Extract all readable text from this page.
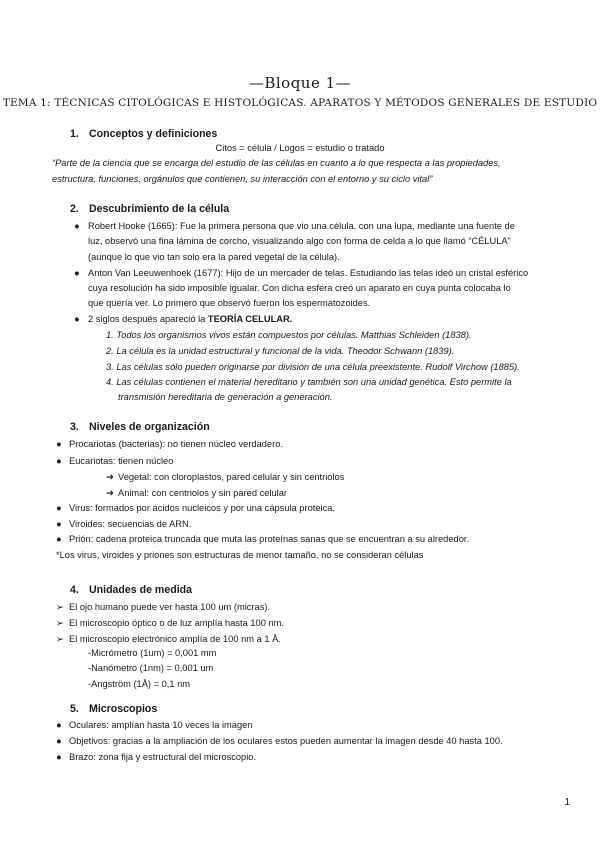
—Bloque 1—
TEMA 1: TÉCNICAS CITOLÓGICAS E HISTOLÓGICAS. APARATOS Y MÉTODOS GENERALES DE ESTUDIO
1. Conceptos y definiciones
Citos = célula / Logos = estudio o tratado
“Parte de la ciencia que se encarga del estudio de las células en cuanto a lo que respecta a las propiedades,
estructura, funciones, orgánulos que contienen, su interacción con el entorno y su ciclo vital”
2. Descubrimiento de la célula
● Robert Hooke (1665): Fue la primera persona que vio una célula. con una lupa, mediante una fuente de
luz, observó una fina lámina de corcho, visualizando algo con forma de celda a lo que llamó “CÉLULA”
(aunque lo que vio tan solo era la pared vegetal de la célula).
● Anton Van Leeuwenhoek (1677): Hijo de un mercader de telas. Estudiando las telas ideó un cristal esférico
cuya resolución ha sido imposible igualar. Con dicha esfera creó un aparato en cuya punta colocaba lo
que quería ver. Lo primero que observó fueron los espermatozoides.
● 2 siglos después apareció la TEORÍA CELULAR.
1. Todos los organismos vivos están compuestos por células. Matthias Schleiden (1838).
2. La célula es la unidad estructural y funcional de la vida. Theodor Schwann (1839).
3. Las células sólo pueden originarse por división de una célula preexistente. Rudolf Virchow (1885).
4. Las células contienen el material hereditario y también son una unidad genética. Esto permite la
transmisión hereditaria de generación a generación.
3. Niveles de organización
● Procariotas (bacterias): no tienen núcleo verdadero.
● Eucariotas: tienen núcleo
➔ Vegetal: con cloroplastos, pared celular y sin centriolos
➔ Animal: con centriolos y sin pared celular
● Virus: formados por ácidos nucleicos y por una cápsula proteica.
● Viroides: secuencias de ARN.
● Prión: cadena proteica truncada que muta las proteínas sanas que se encuentran a su alrededor.
*Los virus, viroides y priones son estructuras de menor tamaño. no se consideran células
4. Unidades de medida
➢ El ojo humano puede ver hasta 100 um (micras).
➢ El microscopio óptico o de luz amplía hasta 100 nm.
➢ El microscopio electrónico amplía de 100 nm a 1 Å.
-Micrómetro (1um) = 0,001 mm
-Nanómetro (1nm) = 0,001 um
-Angström (1Å) = 0,1 nm
5. Microscopios
● Oculares: amplían hasta 10 veces la imagen
● Objetivos: gracias a la ampliación de los oculares estos pueden aumentar la imagen desde 40 hasta 100.
● Brazo: zona fija y estructural del microscopio.
1
